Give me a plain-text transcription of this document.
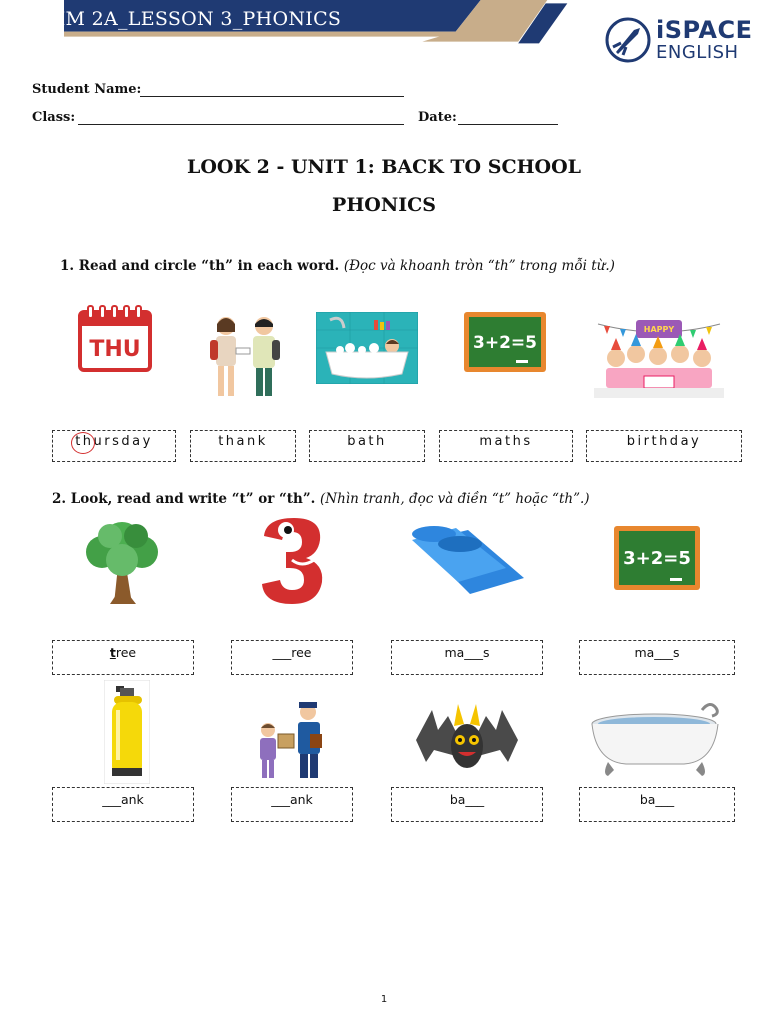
PRIM 2A_LESSON 3_PHONICS	iSPACE
ENGLISH
Student Name:
Class:	Date:
LOOK 2 - UNIT 1: BACK TO SCHOOL
PHONICS
1. Read and circle “th” in each word. (Đọc và khoanh tròn “th” trong mỗi từ.)
THU	3+2=5
HAPPY
thursday	thank	bath	maths	birthday
2. Look, read and write “t” or “th”. (Nhìn tranh, đọc và điền “t” hoặc “th”.)
3+2=5
tree	___ree	ma___s	ma___s
___ank	___ank	ba___	ba___
1
